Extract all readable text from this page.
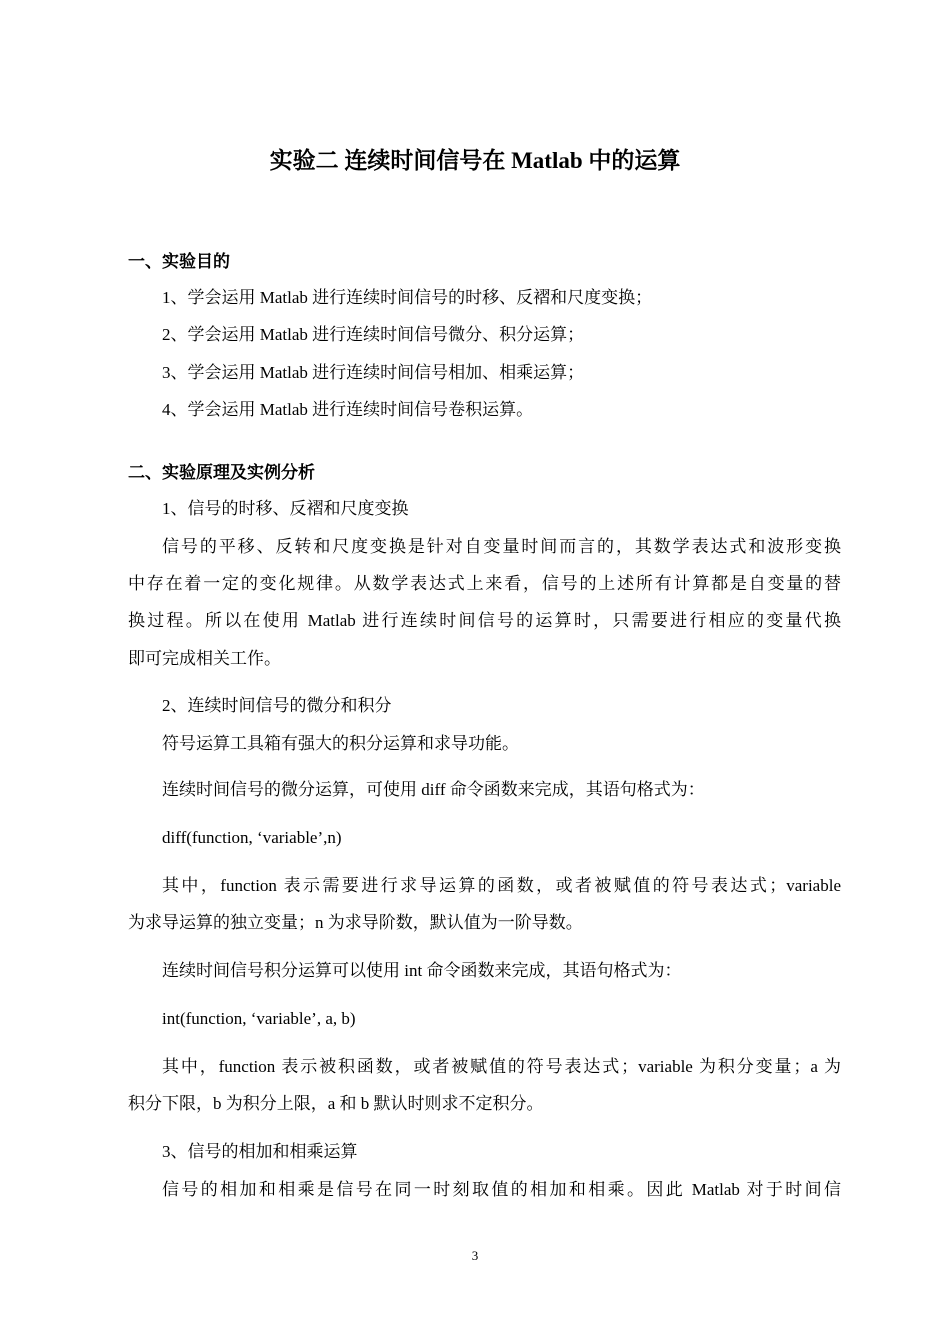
实验二 连续时间信号在 Matlab 中的运算
一、实验目的
1、学会运用 Matlab 进行连续时间信号的时移、反褶和尺度变换；
2、学会运用 Matlab 进行连续时间信号微分、积分运算；
3、学会运用 Matlab 进行连续时间信号相加、相乘运算；
4、学会运用 Matlab 进行连续时间信号卷积运算。
二、实验原理及实例分析
1、信号的时移、反褶和尺度变换
信号的平移、反转和尺度变换是针对自变量时间而言的，其数学表达式和波形变换
中存在着一定的变化规律。从数学表达式上来看，信号的上述所有计算都是自变量的替
换过程。所以在使用 Matlab 进行连续时间信号的运算时，只需要进行相应的变量代换
即可完成相关工作。
2、连续时间信号的微分和积分
符号运算工具箱有强大的积分运算和求导功能。
连续时间信号的微分运算，可使用 diff 命令函数来完成，其语句格式为：
diff(function, ‘variable’,n)
其中，function 表示需要进行求导运算的函数，或者被赋值的符号表达式；variable
为求导运算的独立变量；n 为求导阶数，默认值为一阶导数。
连续时间信号积分运算可以使用 int 命令函数来完成，其语句格式为：
int(function, ‘variable’, a, b)
其中，function 表示被积函数，或者被赋值的符号表达式；variable 为积分变量；a 为
积分下限，b 为积分上限，a 和 b 默认时则求不定积分。
3、信号的相加和相乘运算
信号的相加和相乘是信号在同一时刻取值的相加和相乘。因此 Matlab 对于时间信
3
